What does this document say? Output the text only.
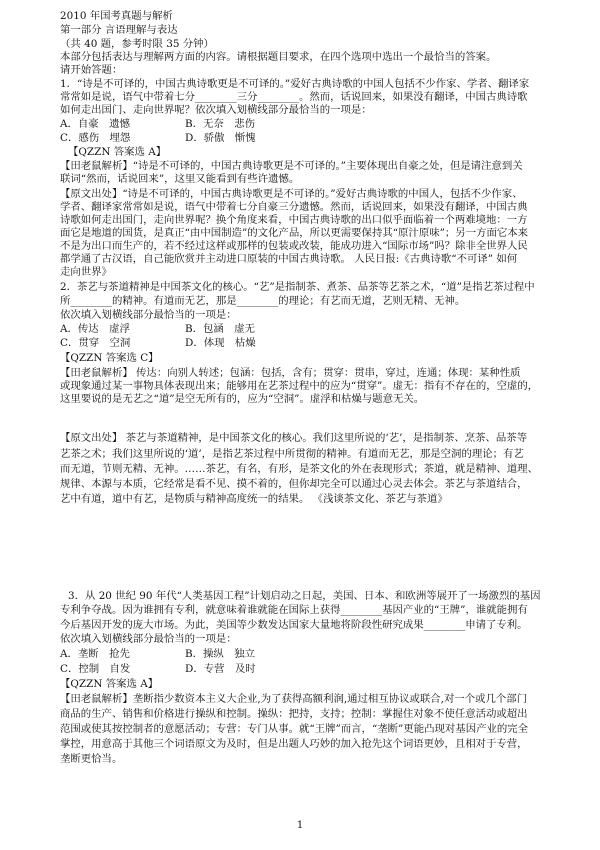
2010 年国考真题与解析
第一部分 言语理解与表达
（共 40 题，参考时限 35 分钟）
本部分包括表达与理解两方面的内容。请根据题目要求，在四个选项中选出一个最恰当的答案。
请开始答题：
1．“诗是不可译的，中国古典诗歌更是不可译的。”爱好古典诗歌的中国人包括不少作家、学者、翻译家
常常如是说，语气中带着七分________三分________。然而，话说回来，如果没有翻译，中国古典诗歌
如何走出国门、走向世界呢？依次填入划横线部分最恰当的一项是：
A．自豪　遗憾	B．无奈　悲伤
C．感伤　埋怨	D．骄傲　惭愧
【QZZN 答案选 A】
【田老鼠解析】“诗是不可译的，中国古典诗歌更是不可译的。”主要体现出自豪之处，但是请注意到关
联词“然而，话说回来”，这里又能看到有些许遗憾。
【原文出处】“诗是不可译的，中国古典诗歌更是不可译的。”爱好古典诗歌的中国人，包括不少作家、
学者、翻译家常常如是说，语气中带着七分自豪三分遗憾。然而，话说回来，如果没有翻译，中国古典
诗歌如何走出国门，走向世界呢？换个角度来看，中国古典诗歌的出口似乎面临着一个两难境地：一方
面它是地道的国货，是真正“由中国制造”的文化产品，所以更需要保持其“原汁原味”；另一方面它本来
不是为出口而生产的，若不经过这样或那样的包装或改装，能成功进入“国际市场”吗？除非全世界人民
都学通了古汉语，自己能欣赏并主动进口原装的中国古典诗歌。 人民日报:《古典诗歌“不可译” 如何
走向世界》
2．茶艺与茶道精神是中国茶文化的核心。“艺”是指制茶、煮茶、品茶等艺茶之术，“道”是指艺茶过程中
所________的精神。有道而无艺，那是________的理论；有艺而无道，艺则无精、无神。
依次填入划横线部分最恰当的一项是：
A．传达　虚浮	B．包涵　虚无
C．贯穿　空洞	D．体现　枯燥
【QZZN 答案选 C】
【田老鼠解析】 传达：向别人转述；包涵：包括，含有；贯穿：贯串，穿过，连通；体现：某种性质
或现象通过某一事物具体表现出来；能够用在艺茶过程中的应为“贯穿”。虚无：指有不存在的，空虚的，
这里要说的是无艺之“道”是空无所有的，应为“空洞”。虚浮和枯燥与题意无关。
【原文出处】 茶艺与茶道精神，是中国茶文化的核心。我们这里所说的‘艺’，是指制茶、烹茶、品茶等
艺茶之术；我们这里所说的‘道’，是指艺茶过程中所贯彻的精神。有道而无艺，那是空洞的理论；有艺
而无道，节则无精、无神。……茶艺，有名，有形，是茶文化的外在表现形式；茶道，就是精神、道理、
规律、本源与本质，它经常是看不见、摸不着的，但你却完全可以通过心灵去体会。茶艺与茶道结合，
艺中有道，道中有艺，是物质与精神高度统一的结果。 《浅谈茶文化、茶艺与茶道》
3．从 20 世纪 90 年代“人类基因工程”计划启动之日起，美国、日本、和欧洲等展开了一场激烈的基因
专利争夺战。因为谁拥有专利，就意味着谁就能在国际上获得________基因产业的“王牌”，谁就能拥有
今后基因开发的庞大市场。为此，美国等少数发达国家大量地将阶段性研究成果________申请了专利。
依次填入划横线部分最恰当的一项是：
A．垄断　抢先	B．操纵　独立
C．控制　自发	D．专营　及时
【QZZN 答案选 A】
【田老鼠解析】垄断指少数资本主义大企业,为了获得高额利润,通过相互协议或联合,对一个或几个部门
商品的生产、销售和价格进行操纵和控制。操纵：把持，支持；控制：掌握住对象不使任意活动或超出
范围或使其按控制者的意愿活动；专营：专门从事。就“王牌”而言，“垄断”更能凸现对基因产业的完全
掌控，用意高于其他三个词语原文为及时，但是出题人巧妙的加入抢先这个词语更妙，且相对于专营，
垄断更恰当。
1
